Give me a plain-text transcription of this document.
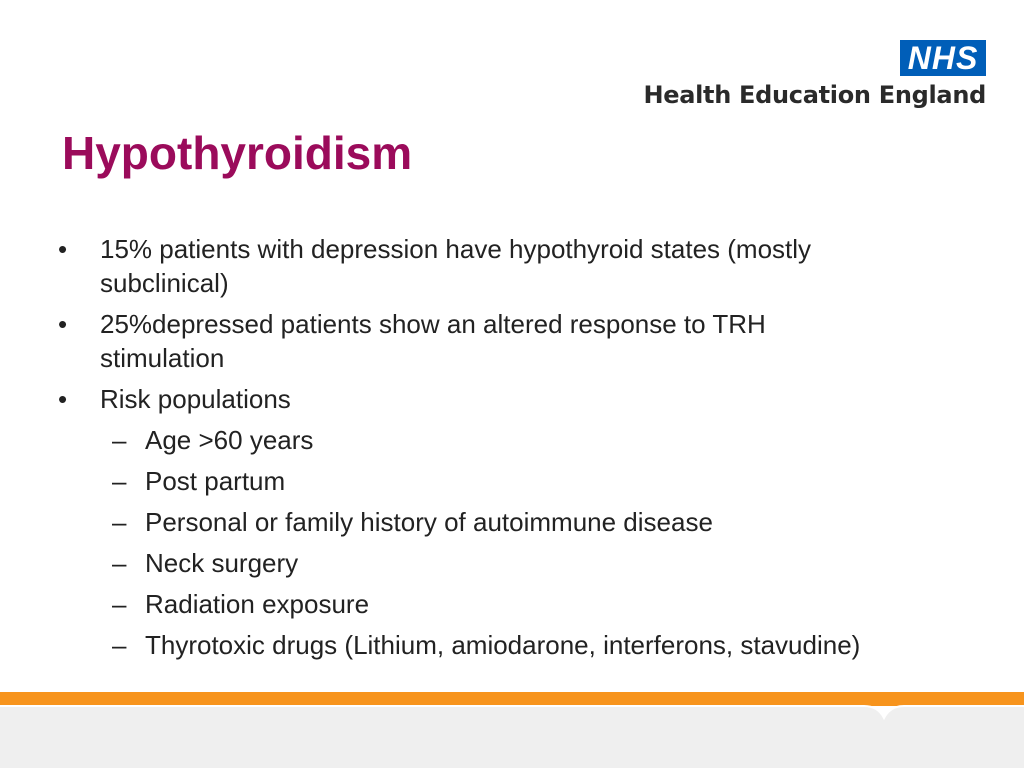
NHS
Health Education England
Hypothyroidism
• 15% patients with depression have hypothyroid states (mostly subclinical)
• 25%depressed patients show an altered response to TRH stimulation
• Risk populations
– Age >60 years
– Post partum
– Personal or family history of autoimmune disease
– Neck surgery
– Radiation exposure
– Thyrotoxic drugs (Lithium, amiodarone, interferons, stavudine)
